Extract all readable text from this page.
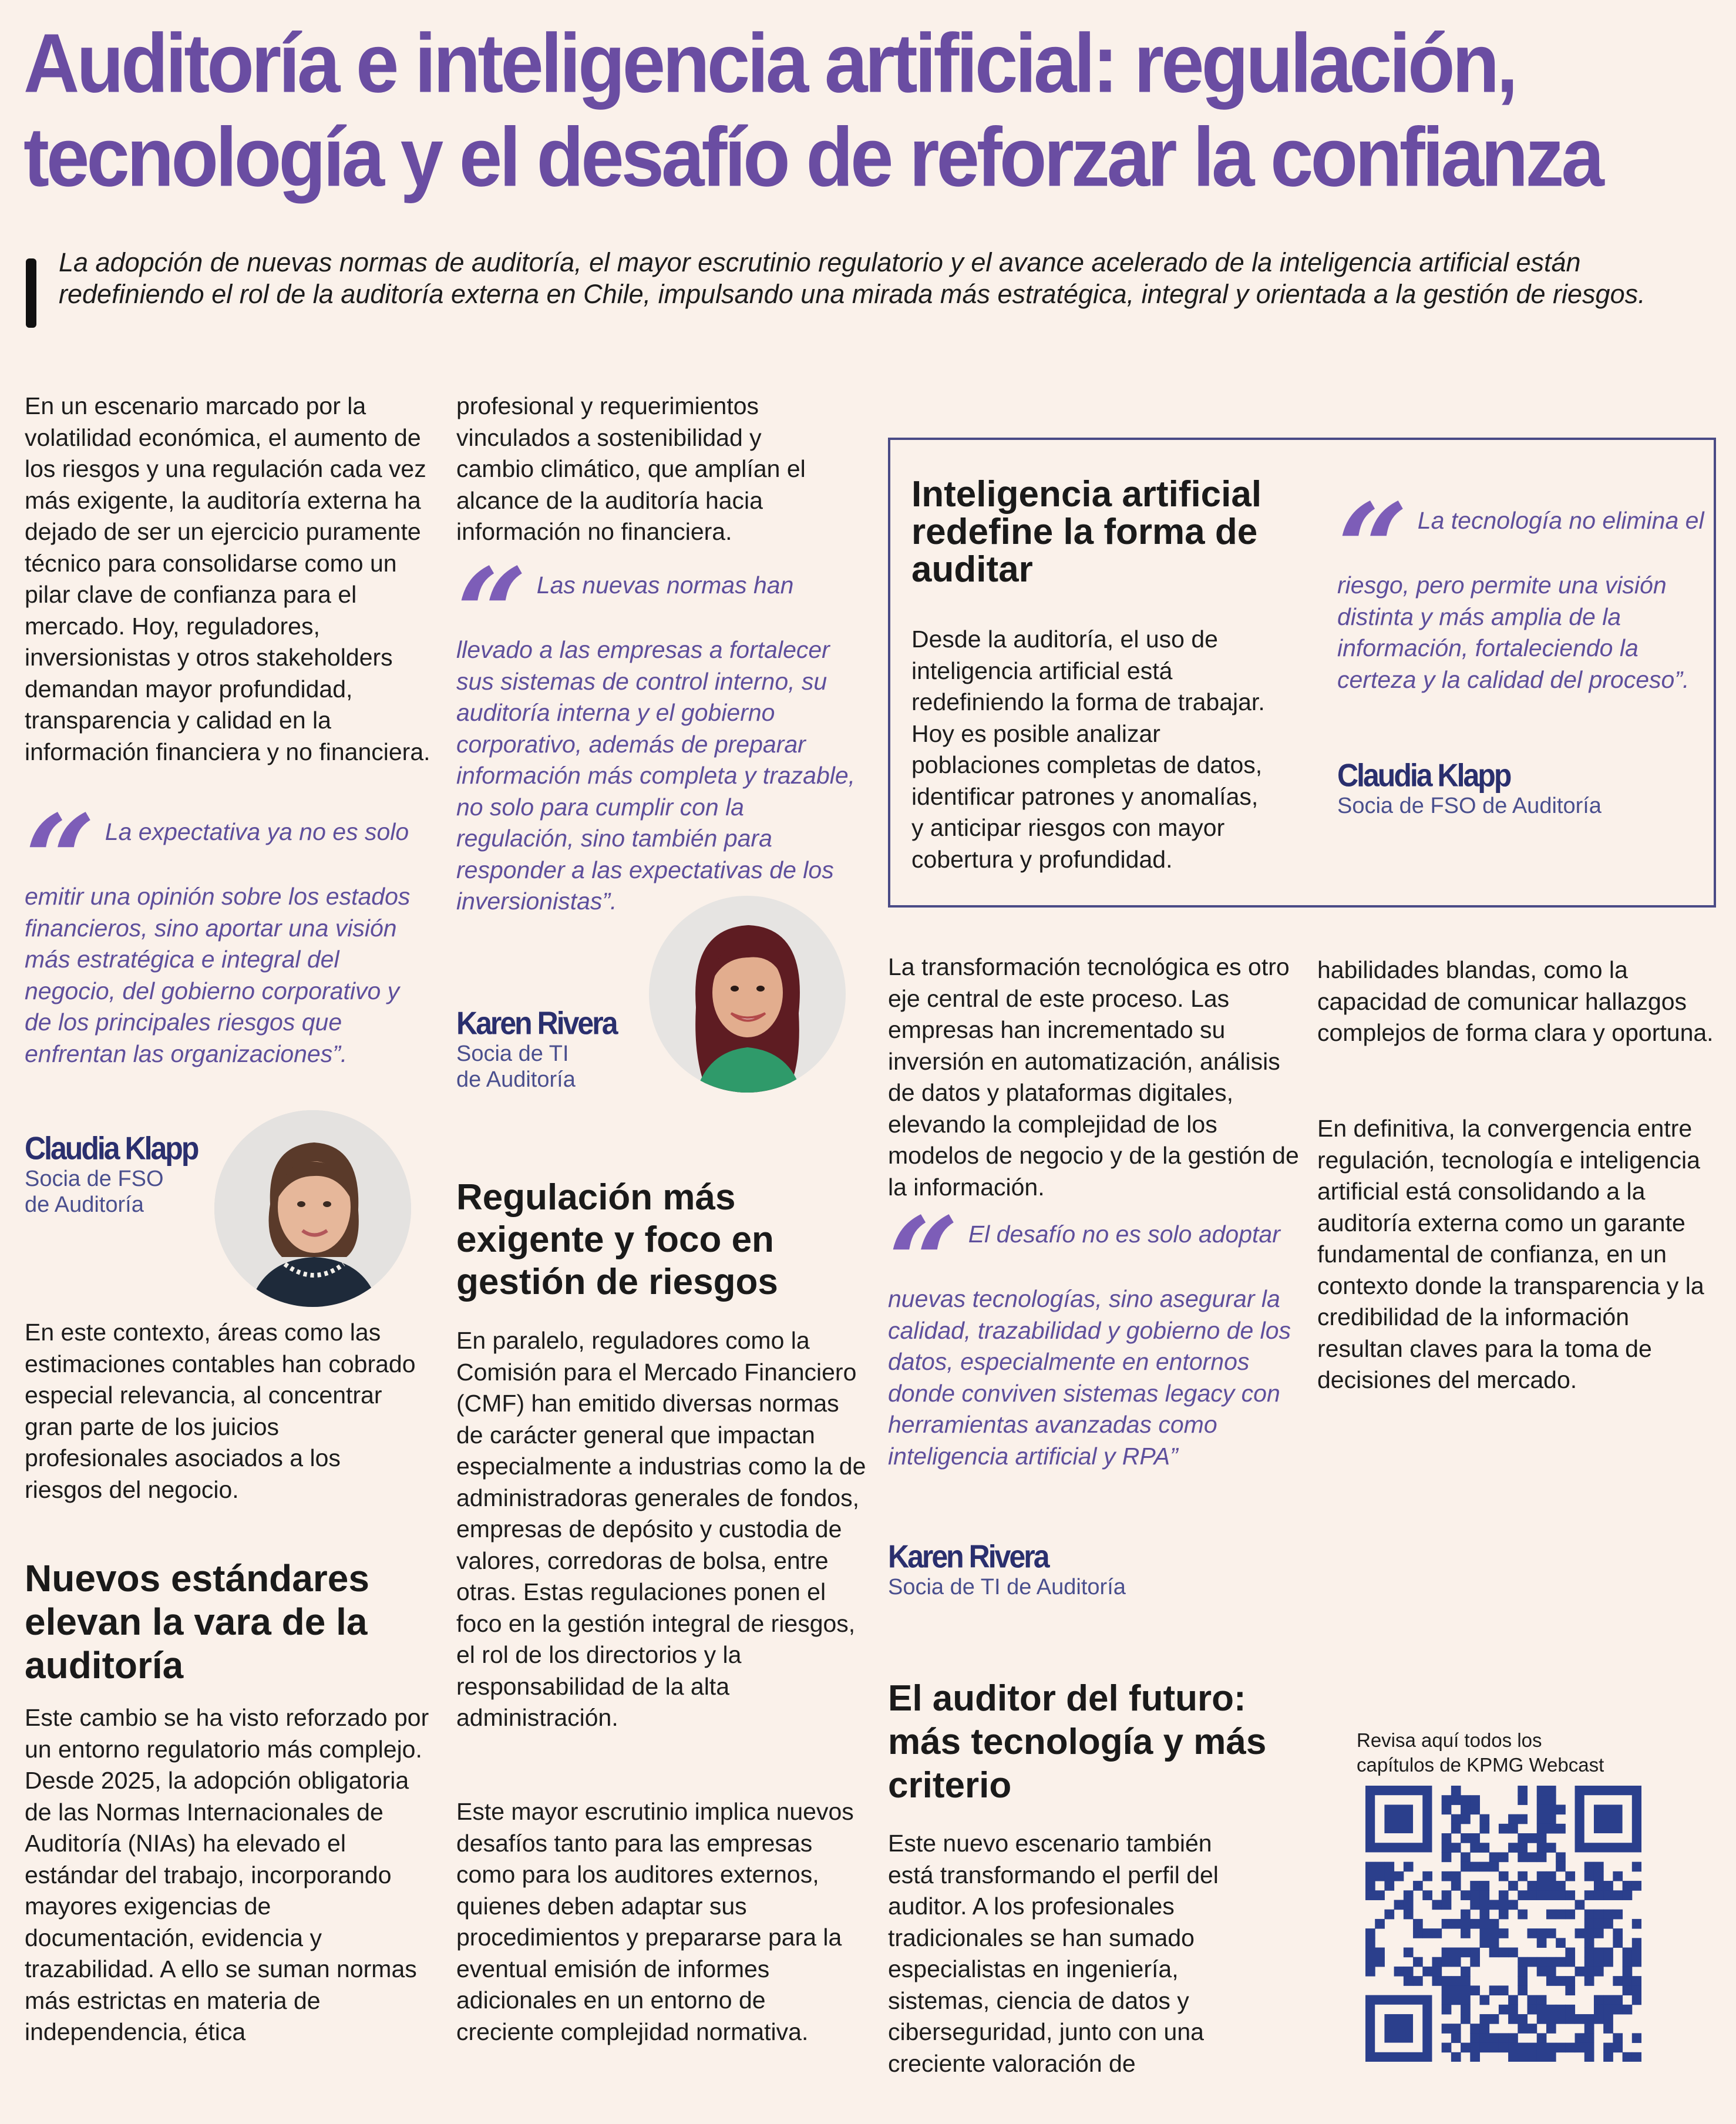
Auditoría e inteligencia artificial: regulación, tecnología y el desafío de reforzar la confianza
La adopción de nuevas normas de auditoría, el mayor escrutinio regulatorio y el avance acelerado de la inteligencia artificial están redefiniendo el rol de la auditoría externa en Chile, impulsando una mirada más estratégica, integral y orientada a la gestión de riesgos.
En un escenario marcado por la volatilidad económica, el aumento de los riesgos y una regulación cada vez más exigente, la auditoría externa ha dejado de ser un ejercicio puramente técnico para consolidarse como un pilar clave de confianza para el mercado. Hoy, reguladores, inversionistas y otros stakeholders demandan mayor profundidad, transparencia y calidad en la información financiera y no financiera.
“ La expectativa ya no es solo emitir una opinión sobre los estados financieros, sino aportar una visión más estratégica e integral del negocio, del gobierno corporativo y de los principales riesgos que enfrentan las organizaciones”.
Claudia Klapp
Socia de FSO
de Auditoría
En este contexto, áreas como las estimaciones contables han cobrado especial relevancia, al concentrar gran parte de los juicios profesionales asociados a los riesgos del negocio.
Nuevos estándares elevan la vara de la auditoría
Este cambio se ha visto reforzado por un entorno regulatorio más complejo. Desde 2025, la adopción obligatoria de las Normas Internacionales de Auditoría (NIAs) ha elevado el estándar del trabajo, incorporando mayores exigencias de documentación, evidencia y trazabilidad. A ello se suman normas más estrictas en materia de independencia, ética
profesional y requerimientos vinculados a sostenibilidad y cambio climático, que amplían el alcance de la auditoría hacia información no financiera.
“ Las nuevas normas han llevado a las empresas a fortalecer sus sistemas de control interno, su auditoría interna y el gobierno corporativo, además de preparar información más completa y trazable, no solo para cumplir con la regulación, sino también para responder a las expectativas de los inversionistas”.
Karen Rivera
Socia de TI
de Auditoría
Regulación más exigente y foco en gestión de riesgos
En paralelo, reguladores como la Comisión para el Mercado Financiero (CMF) han emitido diversas normas de carácter general que impactan especialmente a industrias como la de administradoras generales de fondos, empresas de depósito y custodia de valores, corredoras de bolsa, entre otras. Estas regulaciones ponen el foco en la gestión integral de riesgos, el rol de los directorios y la responsabilidad de la alta administración.
Este mayor escrutinio implica nuevos desafíos tanto para las empresas como para los auditores externos, quienes deben adaptar sus procedimientos y prepararse para la eventual emisión de informes adicionales en un entorno de creciente complejidad normativa.
Inteligencia artificial redefine la forma de auditar
Desde la auditoría, el uso de inteligencia artificial está redefiniendo la forma de trabajar. Hoy es posible analizar poblaciones completas de datos, identificar patrones y anomalías, y anticipar riesgos con mayor cobertura y profundidad.
“ La tecnología no elimina el riesgo, pero permite una visión distinta y más amplia de la información, fortaleciendo la certeza y la calidad del proceso”.
Claudia Klapp
Socia de FSO de Auditoría
La transformación tecnológica es otro eje central de este proceso. Las empresas han incrementado su inversión en automatización, análisis de datos y plataformas digitales, elevando la complejidad de los modelos de negocio y de la gestión de la información.
“ El desafío no es solo adoptar nuevas tecnologías, sino asegurar la calidad, trazabilidad y gobierno de los datos, especialmente en entornos donde conviven sistemas legacy con herramientas avanzadas como inteligencia artificial y RPA”
Karen Rivera
Socia de TI de Auditoría
El auditor del futuro: más tecnología y más criterio
Este nuevo escenario también está transformando el perfil del auditor. A los profesionales tradicionales se han sumado especialistas en ingeniería, sistemas, ciencia de datos y ciberseguridad, junto con una creciente valoración de
habilidades blandas, como la capacidad de comunicar hallazgos complejos de forma clara y oportuna.
En definitiva, la convergencia entre regulación, tecnología e inteligencia artificial está consolidando a la auditoría externa como un garante fundamental de confianza, en un contexto donde la transparencia y la credibilidad de la información resultan claves para la toma de decisiones del mercado.
Revisa aquí todos los
capítulos de KPMG Webcast
